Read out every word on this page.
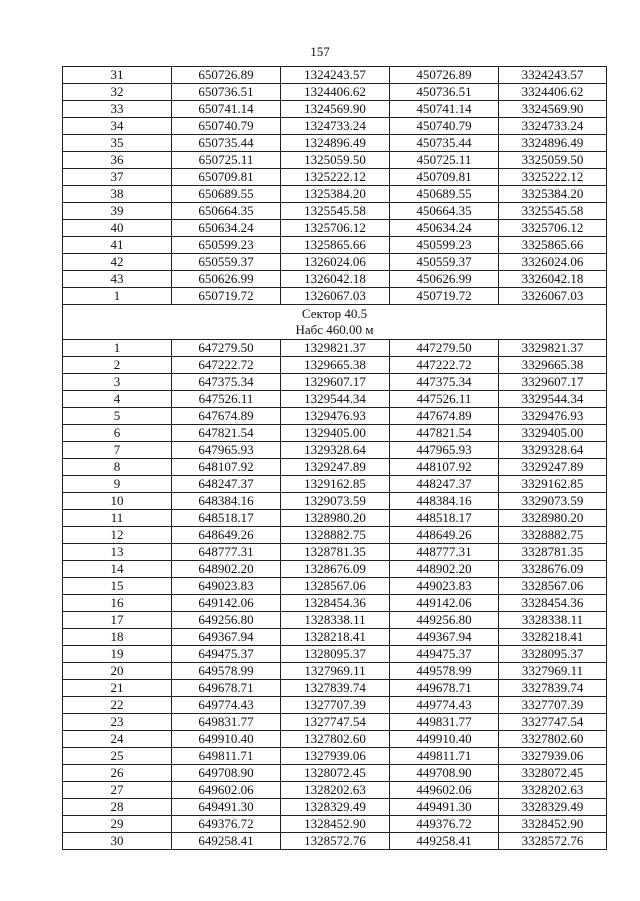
157
31	650726.89	1324243.57	450726.89	3324243.57
32	650736.51	1324406.62	450736.51	3324406.62
33	650741.14	1324569.90	450741.14	3324569.90
34	650740.79	1324733.24	450740.79	3324733.24
35	650735.44	1324896.49	450735.44	3324896.49
36	650725.11	1325059.50	450725.11	3325059.50
37	650709.81	1325222.12	450709.81	3325222.12
38	650689.55	1325384.20	450689.55	3325384.20
39	650664.35	1325545.58	450664.35	3325545.58
40	650634.24	1325706.12	450634.24	3325706.12
41	650599.23	1325865.66	450599.23	3325865.66
42	650559.37	1326024.06	450559.37	3326024.06
43	650626.99	1326042.18	450626.99	3326042.18
1	650719.72	1326067.03	450719.72	3326067.03

Сектор 40.5
Набс 460.00 м				

1	647279.50	1329821.37	447279.50	3329821.37
2	647222.72	1329665.38	447222.72	3329665.38
3	647375.34	1329607.17	447375.34	3329607.17
4	647526.11	1329544.34	447526.11	3329544.34
5	647674.89	1329476.93	447674.89	3329476.93
6	647821.54	1329405.00	447821.54	3329405.00
7	647965.93	1329328.64	447965.93	3329328.64
8	648107.92	1329247.89	448107.92	3329247.89
9	648247.37	1329162.85	448247.37	3329162.85
10	648384.16	1329073.59	448384.16	3329073.59
11	648518.17	1328980.20	448518.17	3328980.20
12	648649.26	1328882.75	448649.26	3328882.75
13	648777.31	1328781.35	448777.31	3328781.35
14	648902.20	1328676.09	448902.20	3328676.09
15	649023.83	1328567.06	449023.83	3328567.06
16	649142.06	1328454.36	449142.06	3328454.36
17	649256.80	1328338.11	449256.80	3328338.11
18	649367.94	1328218.41	449367.94	3328218.41
19	649475.37	1328095.37	449475.37	3328095.37
20	649578.99	1327969.11	449578.99	3327969.11
21	649678.71	1327839.74	449678.71	3327839.74
22	649774.43	1327707.39	449774.43	3327707.39
23	649831.77	1327747.54	449831.77	3327747.54
24	649910.40	1327802.60	449910.40	3327802.60
25	649811.71	1327939.06	449811.71	3327939.06
26	649708.90	1328072.45	449708.90	3328072.45
27	649602.06	1328202.63	449602.06	3328202.63
28	649491.30	1328329.49	449491.30	3328329.49
29	649376.72	1328452.90	449376.72	3328452.90
30	649258.41	1328572.76	449258.41	3328572.76
